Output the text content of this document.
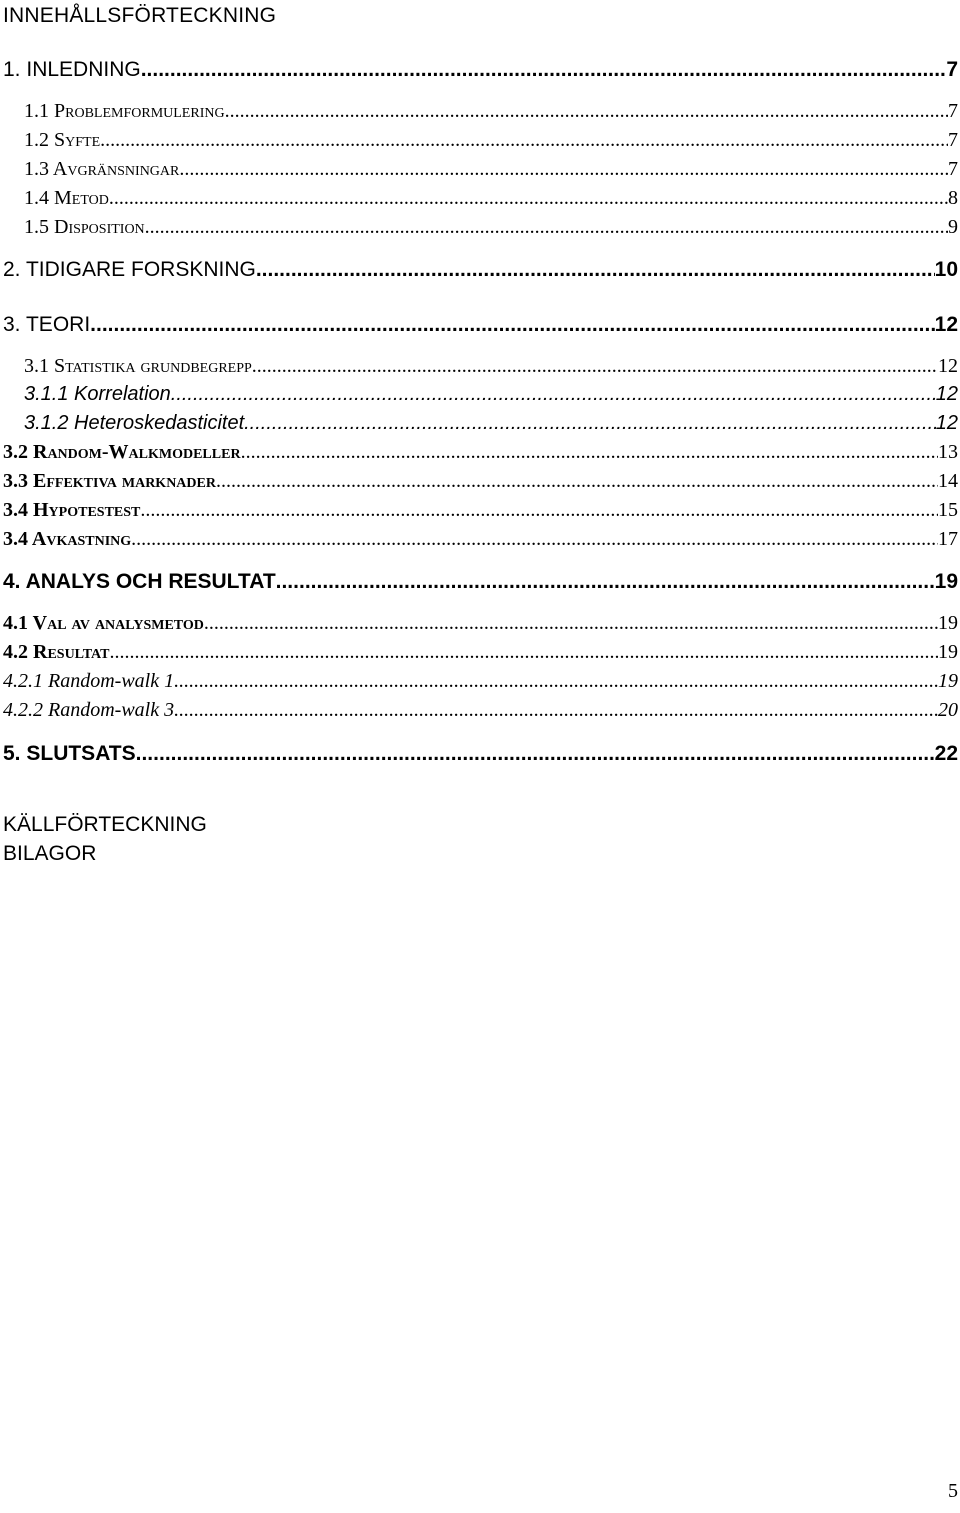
INNEHÅLLSFÖRTECKNING
1. INLEDNING .....	7
1.1 Problemformulering .....	7
1.2 Syfte .....	7
1.3 Avgränsningar .....	7
1.4 Metod .....	8
1.5 Disposition .....	9
2. TIDIGARE FORSKNING .....	10
3. TEORI .....	12
3.1 Statistika grundbegrepp .....	12
3.1.1 Korrelation .....	12
3.1.2 Heteroskedasticitet .....	12
3.2 Random-Walkmodeller .....	13
3.3 Effektiva marknader .....	14
3.4 Hypotestest .....	15
3.4 Avkastning .....	17
4. ANALYS OCH RESULTAT .....	19
4.1 Val av analysmetod .....	19
4.2 Resultat .....	19
4.2.1 Random-walk 1 .....	19
4.2.2 Random-walk 3 .....	20
5. SLUTSATS .....	22

KÄLLFÖRTECKNING

BILAGOR

5
